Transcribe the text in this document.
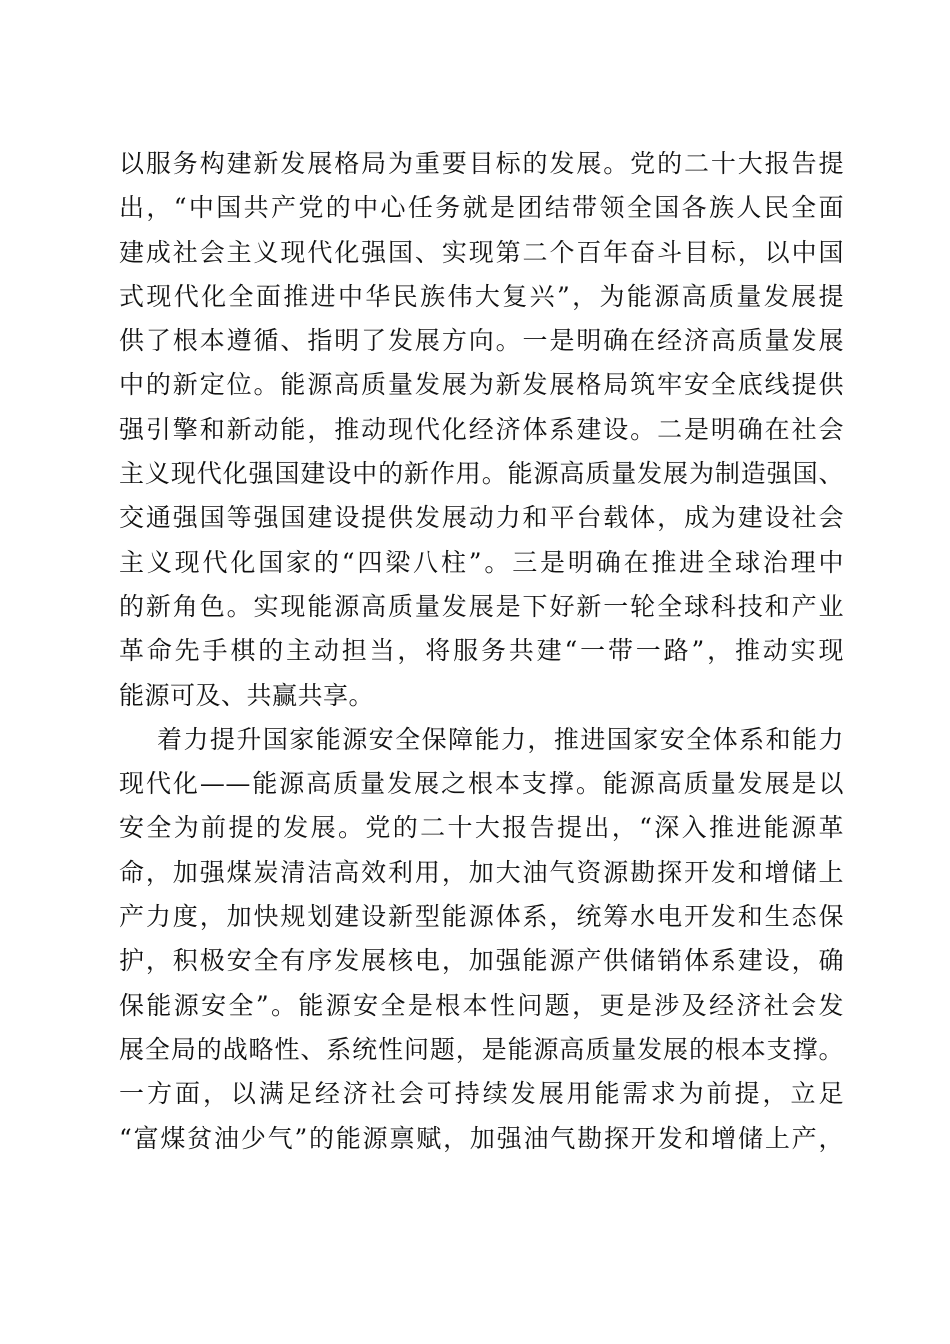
以服务构建新发展格局为重要目标的发展。党的二十大报告提
出，“中国共产党的中心任务就是团结带领全国各族人民全面
建成社会主义现代化强国、实现第二个百年奋斗目标，以中国
式现代化全面推进中华民族伟大复兴”，为能源高质量发展提
供了根本遵循、指明了发展方向。一是明确在经济高质量发展
中的新定位。能源高质量发展为新发展格局筑牢安全底线提供
强引擎和新动能，推动现代化经济体系建设。二是明确在社会
主义现代化强国建设中的新作用。能源高质量发展为制造强国、
交通强国等强国建设提供发展动力和平台载体，成为建设社会
主义现代化国家的“四梁八柱”。三是明确在推进全球治理中
的新角色。实现能源高质量发展是下好新一轮全球科技和产业
革命先手棋的主动担当，将服务共建“一带一路”，推动实现
能源可及、共赢共享。
着力提升国家能源安全保障能力，推进国家安全体系和能力
现代化——能源高质量发展之根本支撑。能源高质量发展是以
安全为前提的发展。党的二十大报告提出，“深入推进能源革
命，加强煤炭清洁高效利用，加大油气资源勘探开发和增储上
产力度，加快规划建设新型能源体系，统筹水电开发和生态保
护，积极安全有序发展核电，加强能源产供储销体系建设，确
保能源安全”。能源安全是根本性问题，更是涉及经济社会发
展全局的战略性、系统性问题，是能源高质量发展的根本支撑。
一方面，以满足经济社会可持续发展用能需求为前提，立足
“富煤贫油少气”的能源禀赋，加强油气勘探开发和增储上产，
